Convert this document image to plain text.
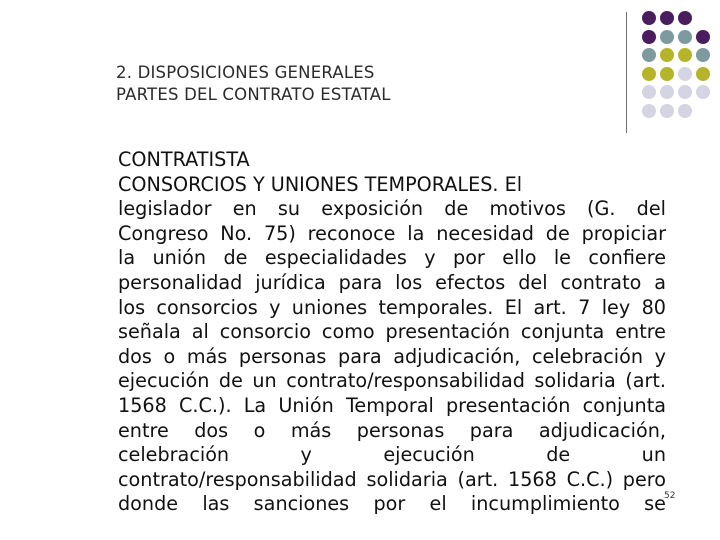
2. DISPOSICIONES GENERALES
PARTES DEL CONTRATO ESTATAL

CONTRATISTA

CONSORCIOS Y UNIONES TEMPORALES. El

legislador en su exposición de motivos (G. del
Congreso No. 75) reconoce la necesidad de propiciar
la unión de especialidades y por ello le confiere
personalidad jurídica para los efectos del contrato a
los consorcios y uniones temporales. El art. 7 ley 80
señala al consorcio como presentación conjunta entre
dos o más personas para adjudicación, celebración y
ejecución de un contrato/responsabilidad solidaria (art.
1568 C.C.). La Unión Temporal presentación conjunta
entre dos o más personas para adjudicación,
celebración y ejecución de un
contrato/responsabilidad solidaria (art. 1568 C.C.) pero
donde las sanciones por el incumplimiento se
52
